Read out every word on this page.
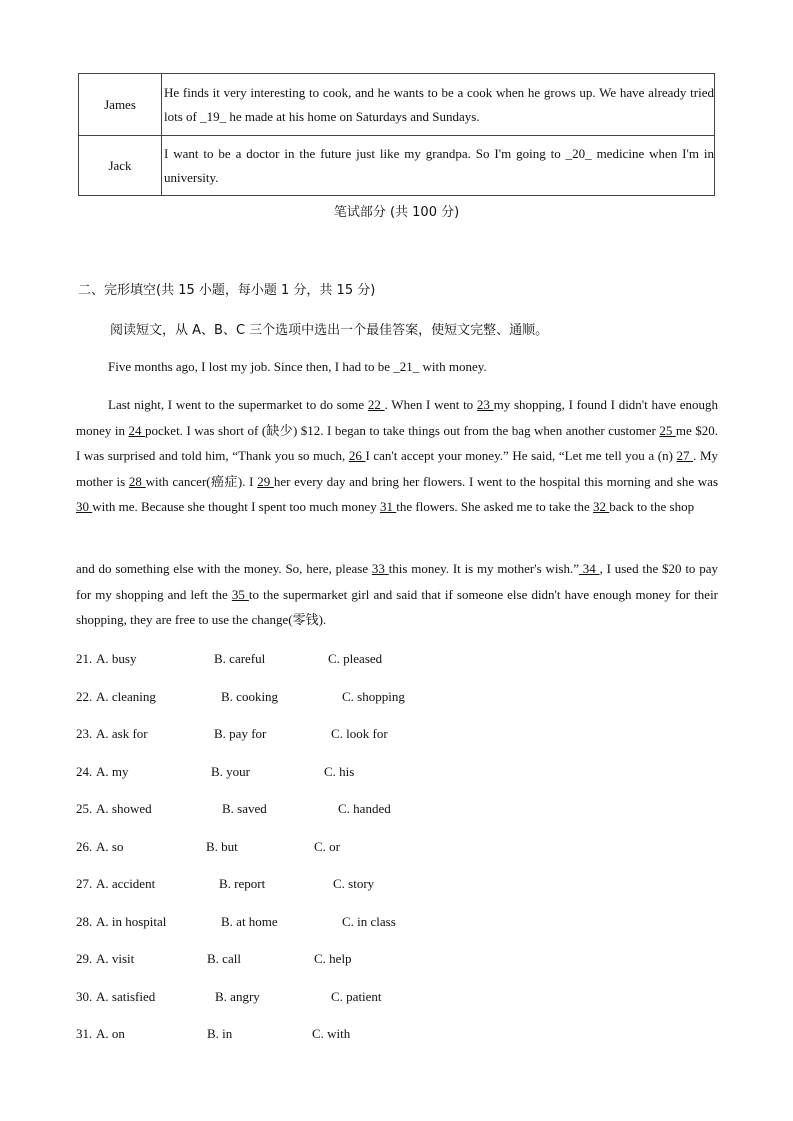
James	He finds it very interesting to cook, and he wants to be a cook when he grows up. We have already tried lots of _19_ he made at his home on Saturdays and Sundays.
Jack	I want to be a doctor in the future just like my grandpa. So I'm going to _20_ medicine when I'm in university.
笔试部分 (共 100 分)
二、完形填空(共 15 小题，每小题 1 分，共 15 分)
阅读短文，从 A、B、C 三个选项中选出一个最佳答案，使短文完整、通顺。
Five months ago, I lost my job. Since then, I had to be _21_ with money.
Last night, I went to the supermarket to do some 22 . When I went to 23 my shopping, I found I didn't have enough money in 24 pocket. I was short of (缺少) $12. I began to take things out from the bag when another customer 25 me $20. I was surprised and told him, “Thank you so much, 26 I can't accept your money.” He said, “Let me tell you a (n) 27 . My mother is 28 with cancer(癌症). I 29 her every day and bring her flowers. I went to the hospital this morning and she was 30 with me. Because she thought I spent too much money 31 the flowers. She asked me to take the 32 back to the shop
and do something else with the money. So, here, please 33 this money. It is my mother's wish.” 34 , I used the $20 to pay for my shopping and left the 35 to the supermarket girl and said that if someone else didn't have enough money for their shopping, they are free to use the change(零钱).
21. A. busy	B. careful	C. pleased
22. A. cleaning	B. cooking	C. shopping
23. A. ask for	B. pay for	C. look for
24. A. my	B. your	C. his
25. A. showed	B. saved	C. handed
26. A. so	B. but	C. or
27. A. accident	B. report	C. story
28. A. in hospital	B. at home	C. in class
29. A. visit	B. call	C. help
30. A. satisfied	B. angry	C. patient
31. A. on	B. in	C. with
